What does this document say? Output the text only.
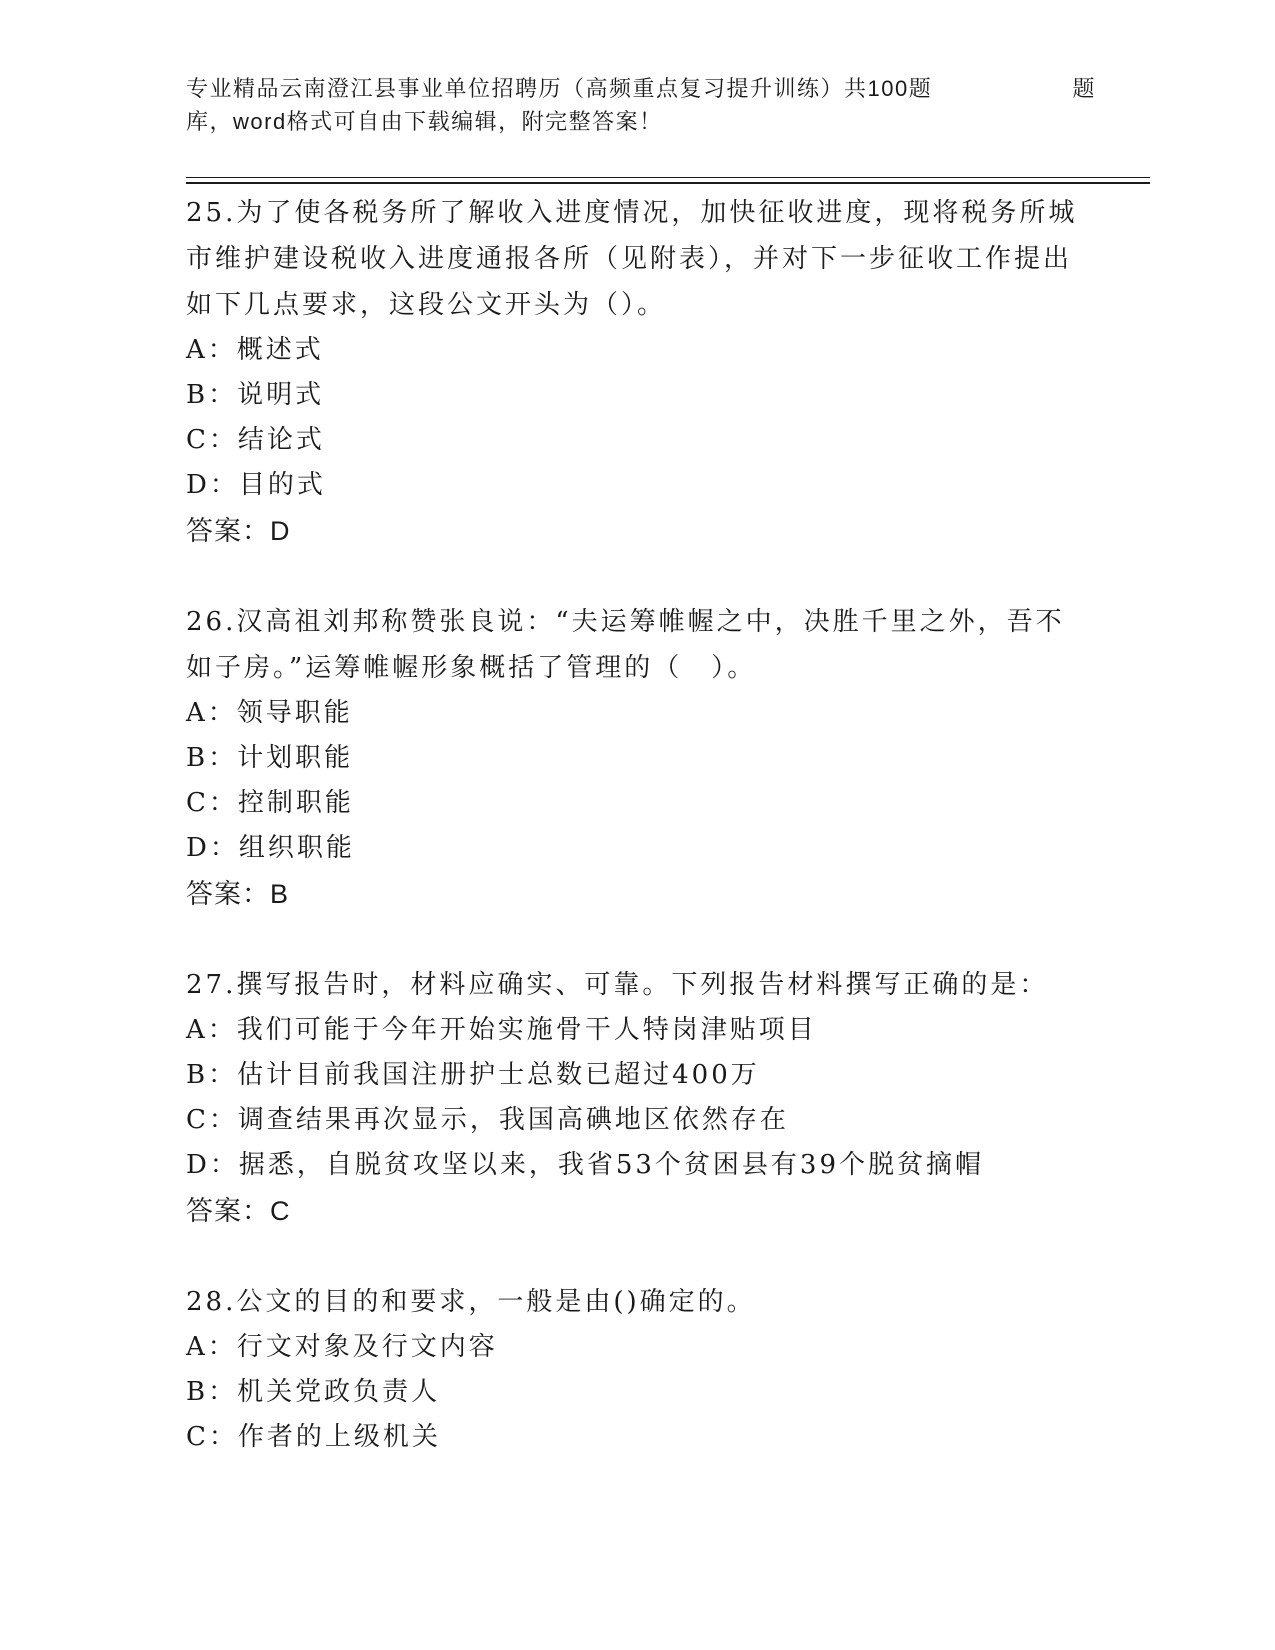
专业精品云南澄江县事业单位招聘历（高频重点复习提升训练）共100题	题
库，word格式可自由下载编辑，附完整答案！

25.为了使各税务所了解收入进度情况，加快征收进度，现将税务所城市维护建设税收入进度通报各所（见附表），并对下一步征收工作提出如下几点要求，这段公文开头为（）。

A：概述式
B：说明式
C：结论式
D：目的式
答案：D

26.汉高祖刘邦称赞张良说：“夫运筹帷幄之中，决胜千里之外，吾不如子房。”运筹帷幄形象概括了管理的（　）。

A：领导职能
B：计划职能
C：控制职能
D：组织职能
答案：B

27.撰写报告时，材料应确实、可靠。下列报告材料撰写正确的是：

A：我们可能于今年开始实施骨干人特岗津贴项目
B：估计目前我国注册护士总数已超过400万
C：调查结果再次显示，我国高碘地区依然存在
D：据悉，自脱贫攻坚以来，我省53个贫困县有39个脱贫摘帽
答案：C

28.公文的目的和要求，一般是由()确定的。

A：行文对象及行文内容
B：机关党政负责人
C：作者的上级机关
